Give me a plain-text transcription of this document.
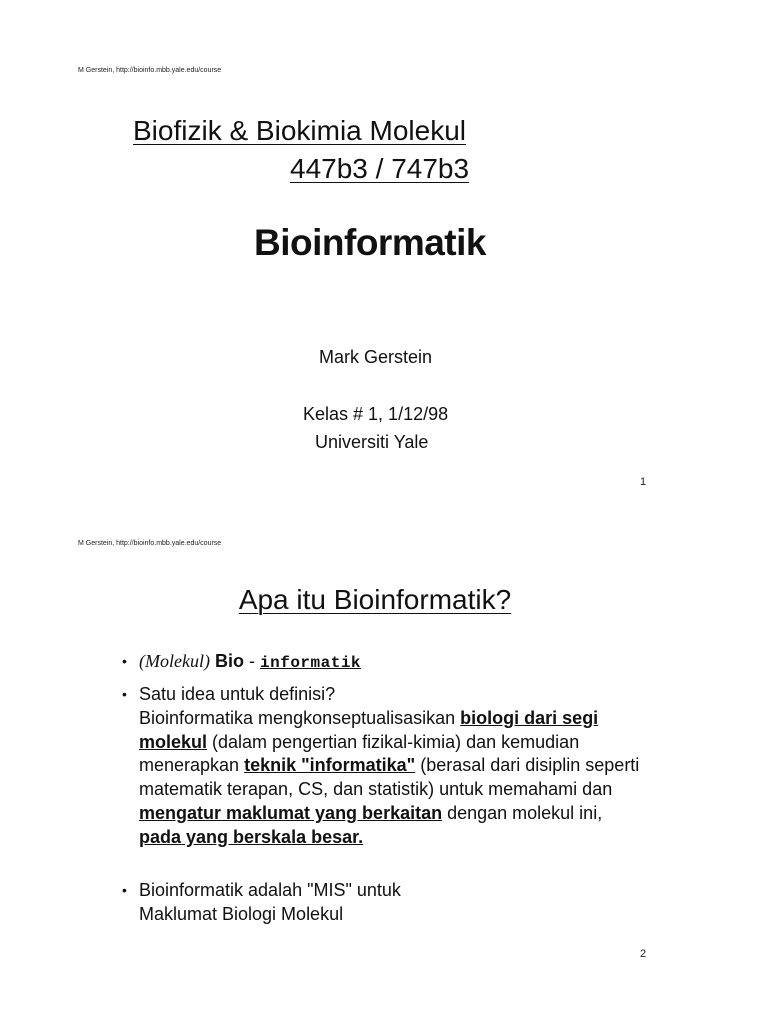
M Gerstein, http://bioinfo.mbb.yale.edu/course
Biofizik & Biokimia Molekul
447b3 / 747b3
Bioinformatik
Mark Gerstein
Kelas # 1, 1/12/98
Universiti Yale
1
M Gerstein, http://bioinfo.mbb.yale.edu/course
Apa itu Bioinformatik?
• (Molekul) Bio - informatik
• Satu idea untuk definisi?
Bioinformatika mengkonseptualisasikan biologi dari segi molekul (dalam pengertian fizikal-kimia) dan kemudian menerapkan teknik "informatika" (berasal dari disiplin seperti matematik terapan, CS, dan statistik) untuk memahami dan mengatur maklumat yang berkaitan dengan molekul ini, pada yang berskala besar.
• Bioinformatik adalah "MIS" untuk
Maklumat Biologi Molekul
2
